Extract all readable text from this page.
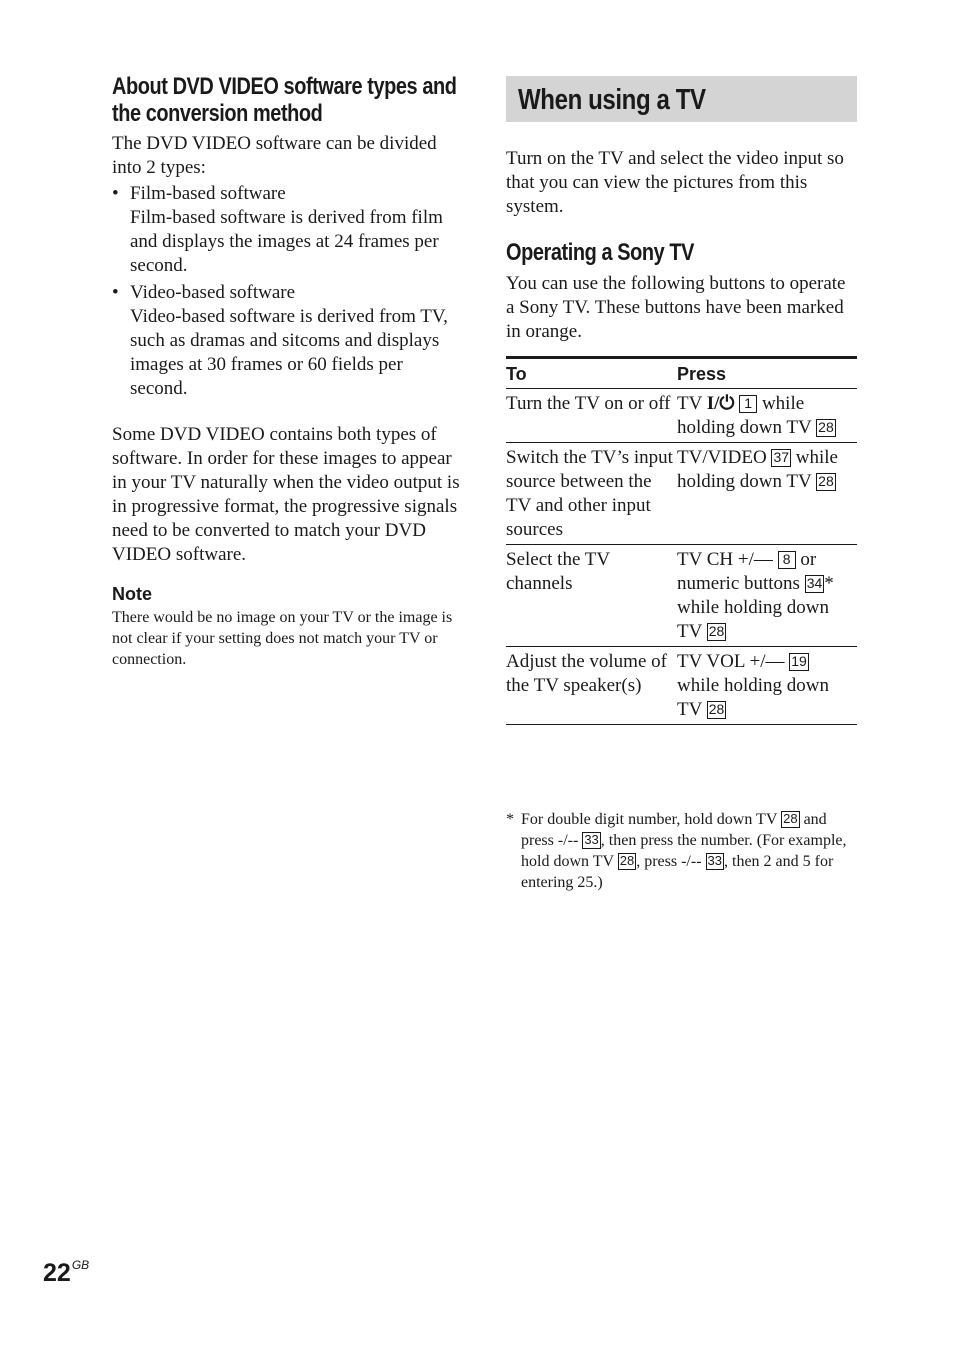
About DVD VIDEO software types and the conversion method

The DVD VIDEO software can be divided into 2 types:

• Film-based software
Film-based software is derived from film and displays the images at 24 frames per second.
• Video-based software
Video-based software is derived from TV, such as dramas and sitcoms and displays images at 30 frames or 60 fields per second.

Some DVD VIDEO contains both types of software. In order for these images to appear in your TV naturally when the video output is in progressive format, the progressive signals need to be converted to match your DVD VIDEO software.

Note

There would be no image on your TV or the image is not clear if your setting does not match your TV or connection.

When using a TV

Turn on the TV and select the video input so that you can view the pictures from this system.

Operating a Sony TV

You can use the following buttons to operate a Sony TV. These buttons have been marked in orange.

To	Press
Turn the TV on or off	TV I/⏻ 1 while holding down TV 28
Switch the TV’s input source between the TV and other input sources	TV/VIDEO 37 while holding down TV 28
Select the TV channels	TV CH +/— 8 or numeric buttons 34 * while holding down TV 28
Adjust the volume of the TV speaker(s)	TV VOL +/— 19 while holding down TV 28
* For double digit number, hold down TV 28 and press -/-- 33 , then press the number. (For example, hold down TV 28 , press -/-- 33 , then 2 and 5 for entering 25.)
$22^{GB}$
